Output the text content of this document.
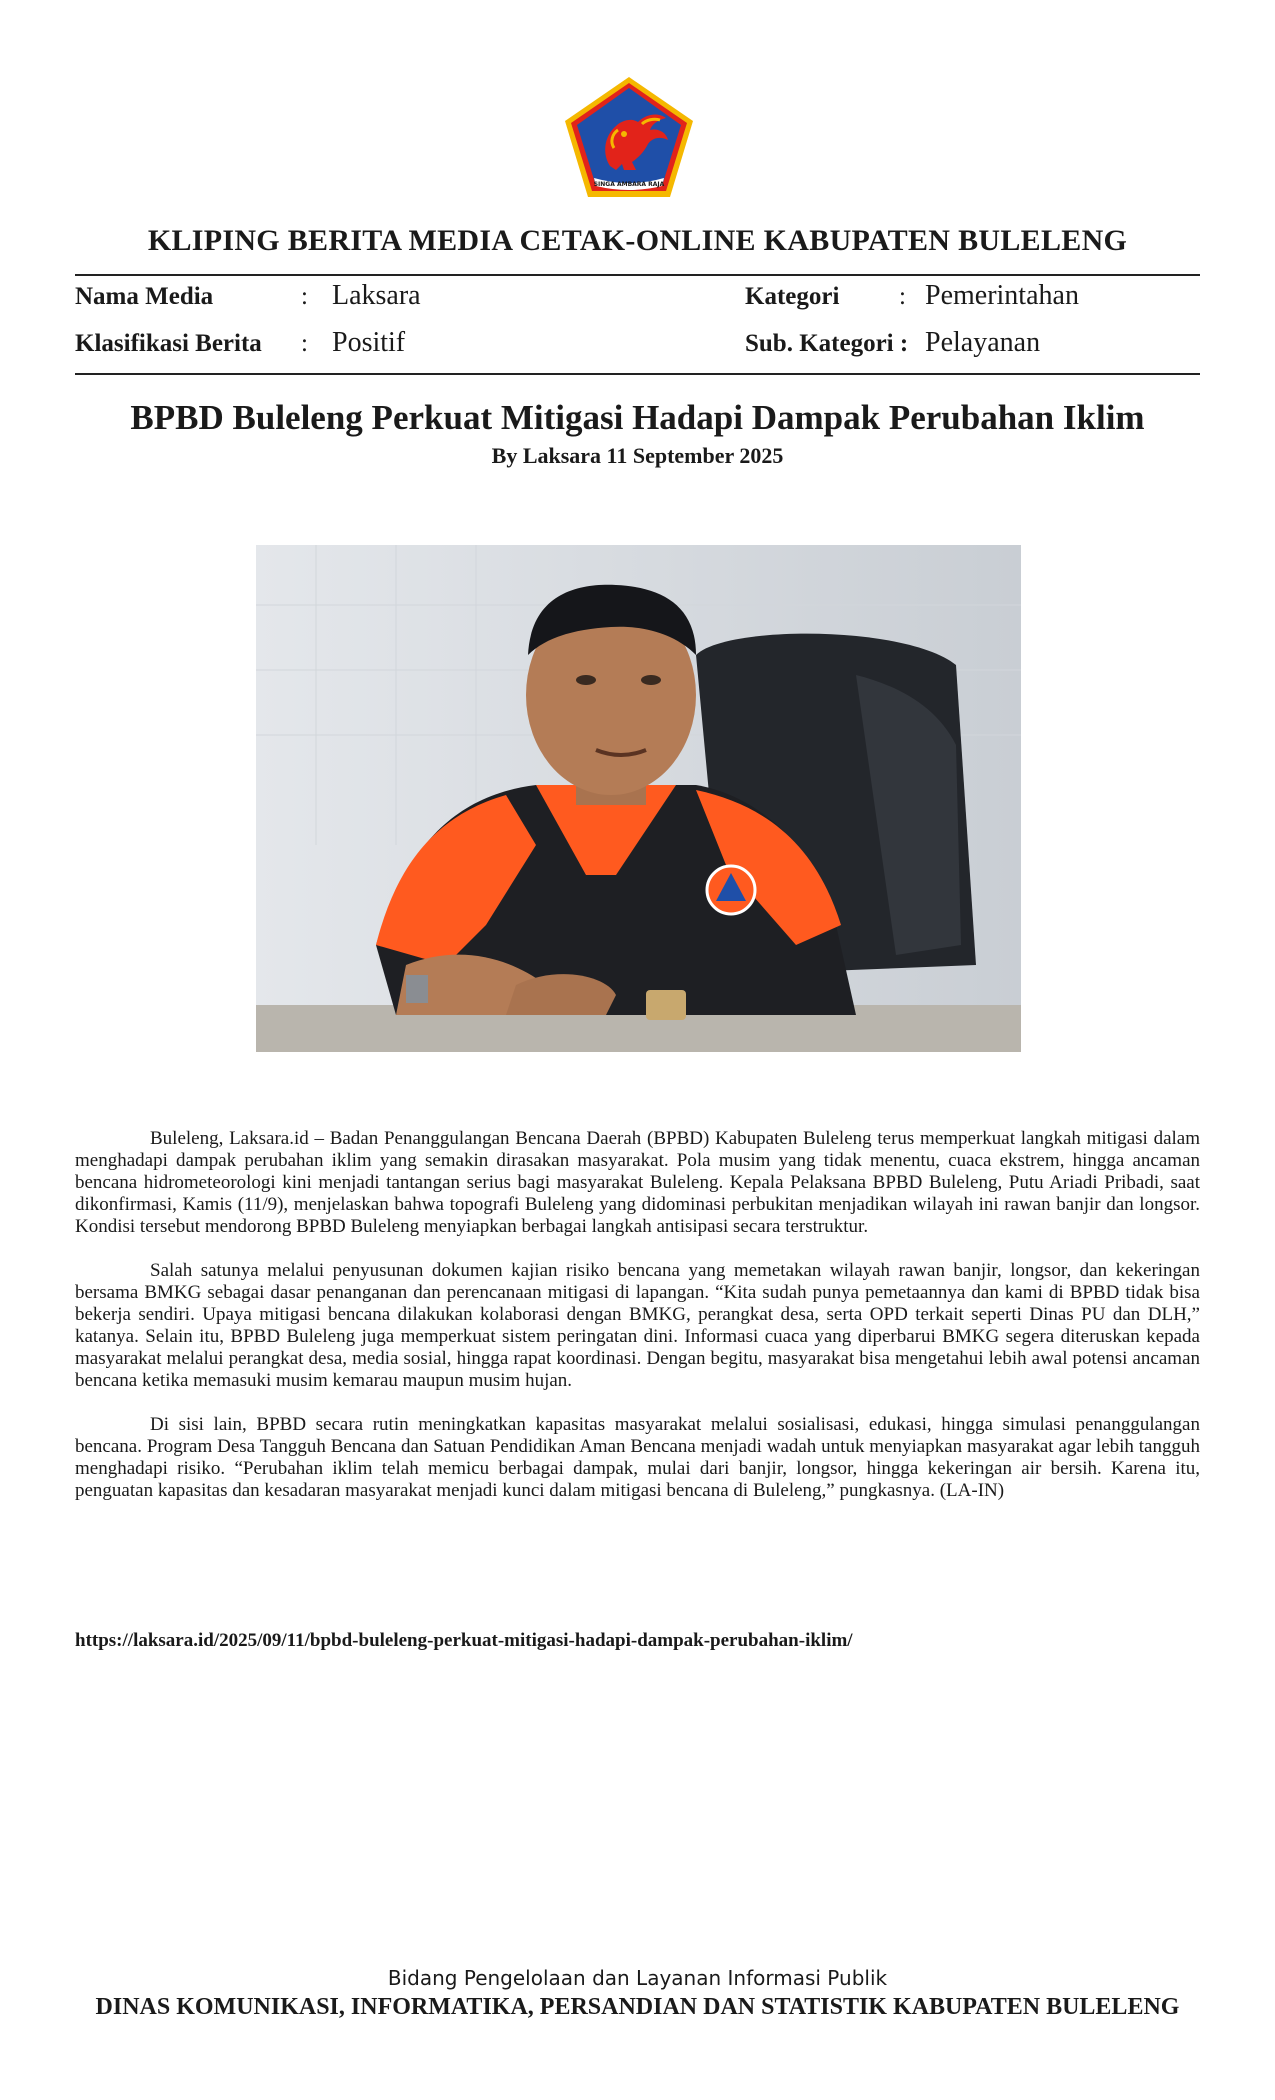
SINGA AMBARA RAJA
KLIPING BERITA MEDIA CETAK-ONLINE KABUPATEN BULELENG
Nama Media	: Laksara	Kategori : Pemerintahan
Klasifikasi Berita : Positif	Sub. Kategori : Pelayanan
BPBD Buleleng Perkuat Mitigasi Hadapi Dampak Perubahan Iklim
By Laksara 11 September 2025

Buleleng, Laksara.id – Badan Penanggulangan Bencana Daerah (BPBD) Kabupaten Buleleng terus memperkuat langkah mitigasi dalam menghadapi dampak perubahan iklim yang semakin dirasakan masyarakat. Pola musim yang tidak menentu, cuaca ekstrem, hingga ancaman bencana hidrometeorologi kini menjadi tantangan serius bagi masyarakat Buleleng. Kepala Pelaksana BPBD Buleleng, Putu Ariadi Pribadi, saat dikonfirmasi, Kamis (11/9), menjelaskan bahwa topografi Buleleng yang didominasi perbukitan menjadikan wilayah ini rawan banjir dan longsor. Kondisi tersebut mendorong BPBD Buleleng menyiapkan berbagai langkah antisipasi secara terstruktur.

Salah satunya melalui penyusunan dokumen kajian risiko bencana yang memetakan wilayah rawan banjir, longsor, dan kekeringan bersama BMKG sebagai dasar penanganan dan perencanaan mitigasi di lapangan. “Kita sudah punya pemetaannya dan kami di BPBD tidak bisa bekerja sendiri. Upaya mitigasi bencana dilakukan kolaborasi dengan BMKG, perangkat desa, serta OPD terkait seperti Dinas PU dan DLH,” katanya. Selain itu, BPBD Buleleng juga memperkuat sistem peringatan dini. Informasi cuaca yang diperbarui BMKG segera diteruskan kepada masyarakat melalui perangkat desa, media sosial, hingga rapat koordinasi. Dengan begitu, masyarakat bisa mengetahui lebih awal potensi ancaman bencana ketika memasuki musim kemarau maupun musim hujan.

Di sisi lain, BPBD secara rutin meningkatkan kapasitas masyarakat melalui sosialisasi, edukasi, hingga simulasi penanggulangan bencana. Program Desa Tangguh Bencana dan Satuan Pendidikan Aman Bencana menjadi wadah untuk menyiapkan masyarakat agar lebih tangguh menghadapi risiko. “Perubahan iklim telah memicu berbagai dampak, mulai dari banjir, longsor, hingga kekeringan air bersih. Karena itu, penguatan kapasitas dan kesadaran masyarakat menjadi kunci dalam mitigasi bencana di Buleleng,” pungkasnya. (LA-IN)

https://laksara.id/2025/09/11/bpbd-buleleng-perkuat-mitigasi-hadapi-dampak-perubahan-iklim/
Bidang Pengelolaan dan Layanan Informasi Publik
DINAS KOMUNIKASI, INFORMATIKA, PERSANDIAN DAN STATISTIK KABUPATEN BULELENG
